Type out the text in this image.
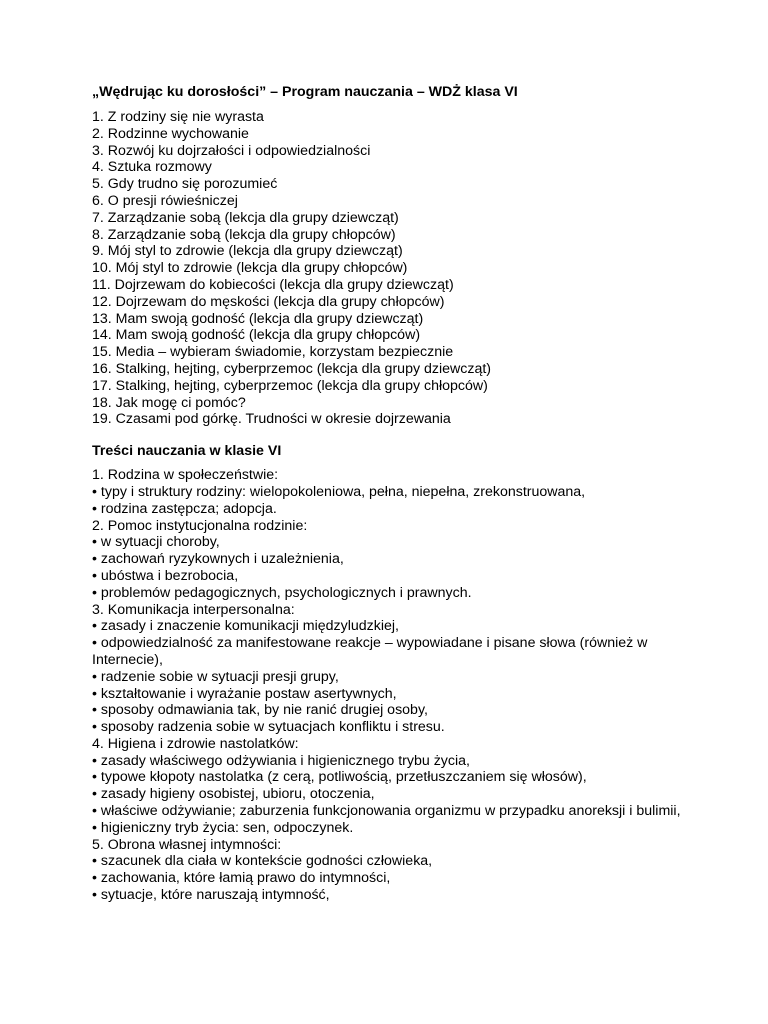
„Wędrując ku dorosłości” – Program nauczania – WDŻ klasa VI
1. Z rodziny się nie wyrasta
2. Rodzinne wychowanie
3. Rozwój ku dojrzałości i odpowiedzialności
4. Sztuka rozmowy
5. Gdy trudno się porozumieć
6. O presji rówieśniczej
7. Zarządzanie sobą (lekcja dla grupy dziewcząt)
8. Zarządzanie sobą (lekcja dla grupy chłopców)
9. Mój styl to zdrowie (lekcja dla grupy dziewcząt)
10. Mój styl to zdrowie (lekcja dla grupy chłopców)
11. Dojrzewam do kobiecości (lekcja dla grupy dziewcząt)
12. Dojrzewam do męskości (lekcja dla grupy chłopców)
13. Mam swoją godność (lekcja dla grupy dziewcząt)
14. Mam swoją godność (lekcja dla grupy chłopców)
15. Media – wybieram świadomie, korzystam bezpiecznie
16. Stalking, hejting, cyberprzemoc (lekcja dla grupy dziewcząt)
17. Stalking, hejting, cyberprzemoc (lekcja dla grupy chłopców)
18. Jak mogę ci pomóc?
19. Czasami pod górkę. Trudności w okresie dojrzewania
Treści nauczania w klasie VI
1. Rodzina w społeczeństwie:
• typy i struktury rodziny: wielopokoleniowa, pełna, niepełna, zrekonstruowana,
• rodzina zastępcza; adopcja.
2. Pomoc instytucjonalna rodzinie:
• w sytuacji choroby,
• zachowań ryzykownych i uzależnienia,
• ubóstwa i bezrobocia,
• problemów pedagogicznych, psychologicznych i prawnych.
3. Komunikacja interpersonalna:
• zasady i znaczenie komunikacji międzyludzkiej,
• odpowiedzialność za manifestowane reakcje – wypowiadane i pisane słowa (również w Internecie),
• radzenie sobie w sytuacji presji grupy,
• kształtowanie i wyrażanie postaw asertywnych,
• sposoby odmawiania tak, by nie ranić drugiej osoby,
• sposoby radzenia sobie w sytuacjach konfliktu i stresu.
4. Higiena i zdrowie nastolatków:
• zasady właściwego odżywiania i higienicznego trybu życia,
• typowe kłopoty nastolatka (z cerą, potliwością, przetłuszczaniem się włosów),
• zasady higieny osobistej, ubioru, otoczenia,
• właściwe odżywianie; zaburzenia funkcjonowania organizmu w przypadku anoreksji i bulimii,
• higieniczny tryb życia: sen, odpoczynek.
5. Obrona własnej intymności:
• szacunek dla ciała w kontekście godności człowieka,
• zachowania, które łamią prawo do intymności,
• sytuacje, które naruszają intymność,
